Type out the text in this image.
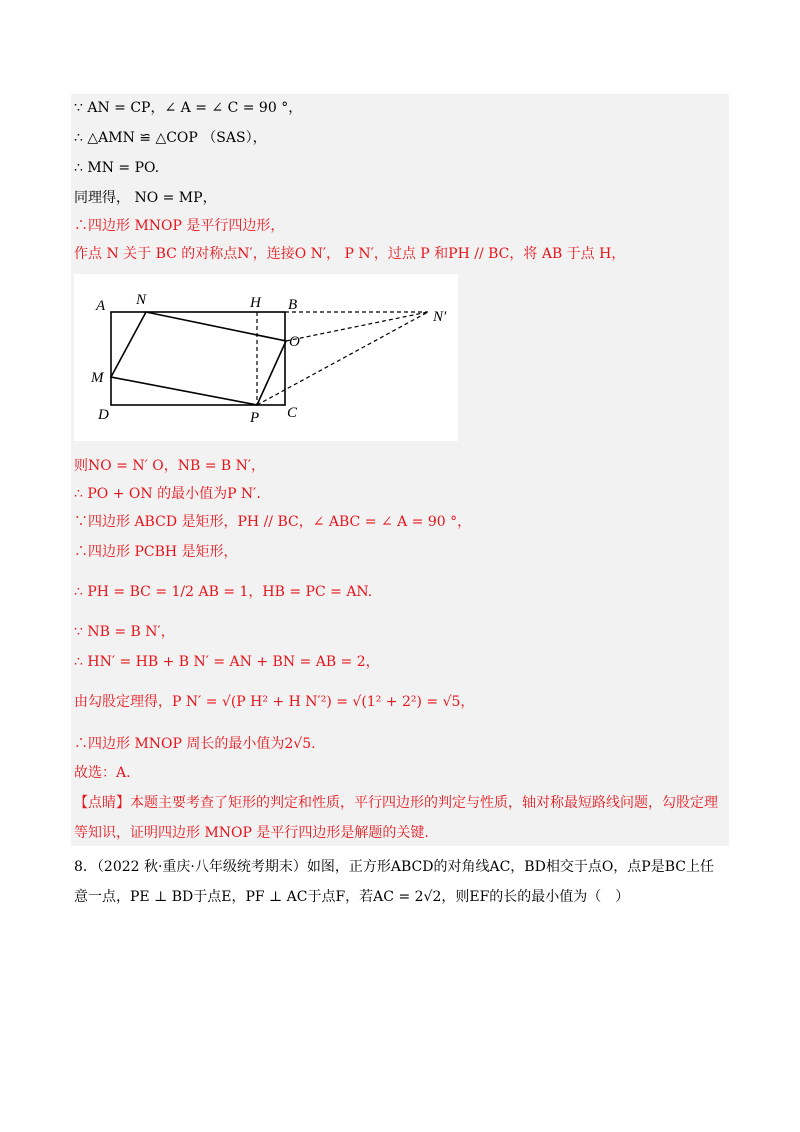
∵ AN = CP，∠ A = ∠ C = 90 °，
∴ △AMN ≌ △COP （SAS），
∴ MN = PO.
同理得， NO = MP，
∴四边形 MNOP 是平行四边形，
作点 N 关于 BC 的对称点N′，连接O N′， P N′，过点 P 和PH // BC，将 AB 于点 H，
A N	H B
N′
O
M
D	P C
则NO = N′ O，NB = B N′，
∴ PO + ON 的最小值为P N′.
∵四边形 ABCD 是矩形，PH // BC，∠ ABC = ∠ A = 90 °，
∴四边形 PCBH 是矩形，
∴ PH = BC = 1/2 AB = 1，HB = PC = AN.
∵ NB = B N′，
∴ HN′ = HB + B N′ = AN + BN = AB = 2，
由勾股定理得，P N′ = √(P H² + H N′²) = √(1² + 2²) = √5，
∴四边形 MNOP 周长的最小值为2√5.
故选：A.
【点睛】本题主要考查了矩形的判定和性质，平行四边形的判定与性质，轴对称最短路线问题，勾股定理
等知识，证明四边形 MNOP 是平行四边形是解题的关键.
8．（2022 秋·重庆·八年级统考期末）如图，正方形ABCD的对角线AC，BD相交于点O，点P是BC上任
意一点，PE ⊥ BD于点E，PF ⊥ AC于点F，若AC = 2√2，则EF的长的最小值为（　）
